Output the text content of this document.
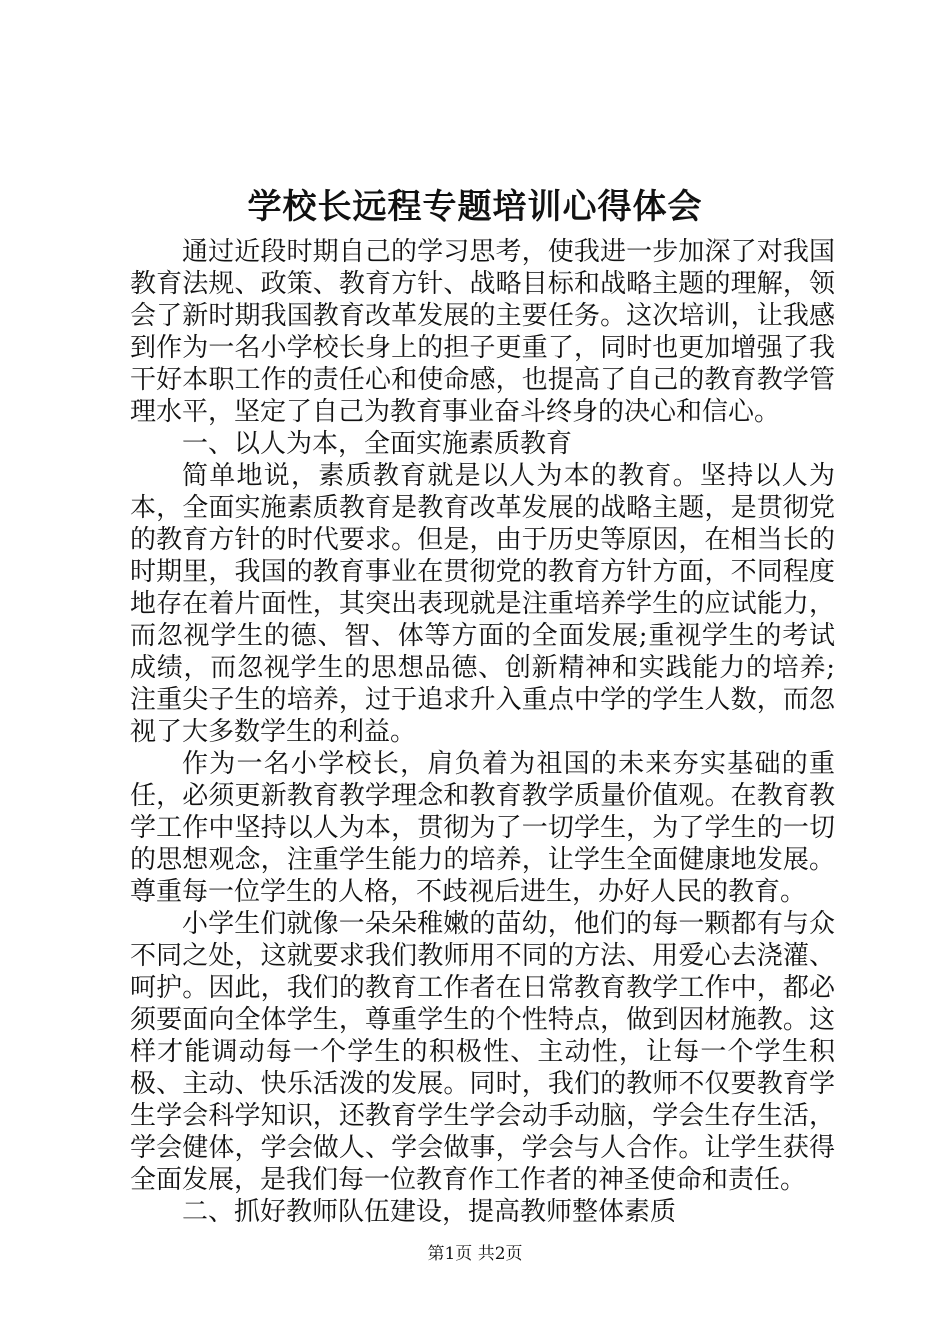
学校长远程专题培训心得体会

通过近段时期自己的学习思考，使我进一步加深了对我国教育法规、政策、教育方针、战略目标和战略主题的理解，领会了新时期我国教育改革发展的主要任务。这次培训，让我感到作为一名小学校长身上的担子更重了，同时也更加增强了我干好本职工作的责任心和使命感，也提高了自己的教育教学管理水平，坚定了自己为教育事业奋斗终身的决心和信心。

一、以人为本，全面实施素质教育

简单地说，素质教育就是以人为本的教育。坚持以人为本，全面实施素质教育是教育改革发展的战略主题，是贯彻党的教育方针的时代要求。但是，由于历史等原因，在相当长的时期里，我国的教育事业在贯彻党的教育方针方面，不同程度地存在着片面性，其突出表现就是注重培养学生的应试能力，而忽视学生的德、智、体等方面的全面发展;重视学生的考试成绩，而忽视学生的思想品德、创新精神和实践能力的培养;注重尖子生的培养，过于追求升入重点中学的学生人数，而忽视了大多数学生的利益。

作为一名小学校长，肩负着为祖国的未来夯实基础的重任，必须更新教育教学理念和教育教学质量价值观。在教育教学工作中坚持以人为本，贯彻为了一切学生，为了学生的一切的思想观念，注重学生能力的培养，让学生全面健康地发展。尊重每一位学生的人格，不歧视后进生，办好人民的教育。

小学生们就像一朵朵稚嫩的苗幼，他们的每一颗都有与众不同之处，这就要求我们教师用不同的方法、用爱心去浇灌、呵护。因此，我们的教育工作者在日常教育教学工作中，都必须要面向全体学生，尊重学生的个性特点，做到因材施教。这样才能调动每一个学生的积极性、主动性，让每一个学生积极、主动、快乐活泼的发展。同时，我们的教师不仅要教育学生学会科学知识，还教育学生学会动手动脑，学会生存生活，学会健体，学会做人、学会做事，学会与人合作。让学生获得全面发展，是我们每一位教育作工作者的神圣使命和责任。

二、抓好教师队伍建设，提高教师整体素质

第1页 共2页
